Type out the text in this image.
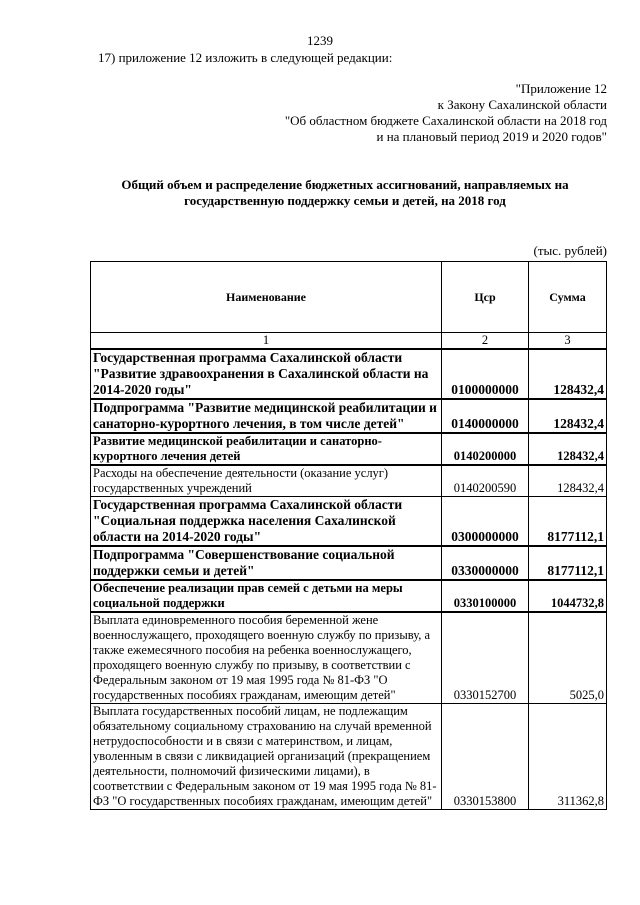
1239
17) приложение 12 изложить в следующей редакции:
"Приложение 12
к Закону Сахалинской области
"Об областном бюджете Сахалинской области на 2018 год
и на плановый период 2019 и 2020 годов"
Общий объем и распределение бюджетных ассигнований, направляемых на
государственную поддержку семьи и детей, на 2018 год
(тыс. рублей)
Наименование	Цср	Сумма
1	2	3
Государственная программа Сахалинской области "Развитие здравоохранения в Сахалинской области на 2014-2020 годы"	0100000000	128432,4
Подпрограмма "Развитие медицинской реабилитации и санаторно-курортного лечения, в том числе детей"	0140000000	128432,4
Развитие медицинской реабилитации и санаторно-курортного лечения детей	0140200000	128432,4
Расходы на обеспечение деятельности (оказание услуг) государственных учреждений	0140200590	128432,4
Государственная программа Сахалинской области "Социальная поддержка населения Сахалинской области на 2014-2020 годы"	0300000000	8177112,1
Подпрограмма "Совершенствование социальной поддержки семьи и детей"	0330000000	8177112,1
Обеспечение реализации прав семей с детьми на меры социальной поддержки	0330100000	1044732,8
Выплата единовременного пособия беременной жене военнослужащего, проходящего военную службу по призыву, а также ежемесячного пособия на ребенка военнослужащего, проходящего военную службу по призыву, в соответствии с Федеральным законом от 19 мая 1995 года № 81-ФЗ "О государственных пособиях гражданам, имеющим детей"	0330152700	5025,0
Выплата государственных пособий лицам, не подлежащим обязательному социальному страхованию на случай временной нетрудоспособности и в связи с материнством, и лицам, уволенным в связи с ликвидацией организаций (прекращением деятельности, полномочий физическими лицами), в соответствии с Федеральным законом от 19 мая 1995 года № 81-ФЗ "О государственных пособиях гражданам, имеющим детей"	0330153800	311362,8
